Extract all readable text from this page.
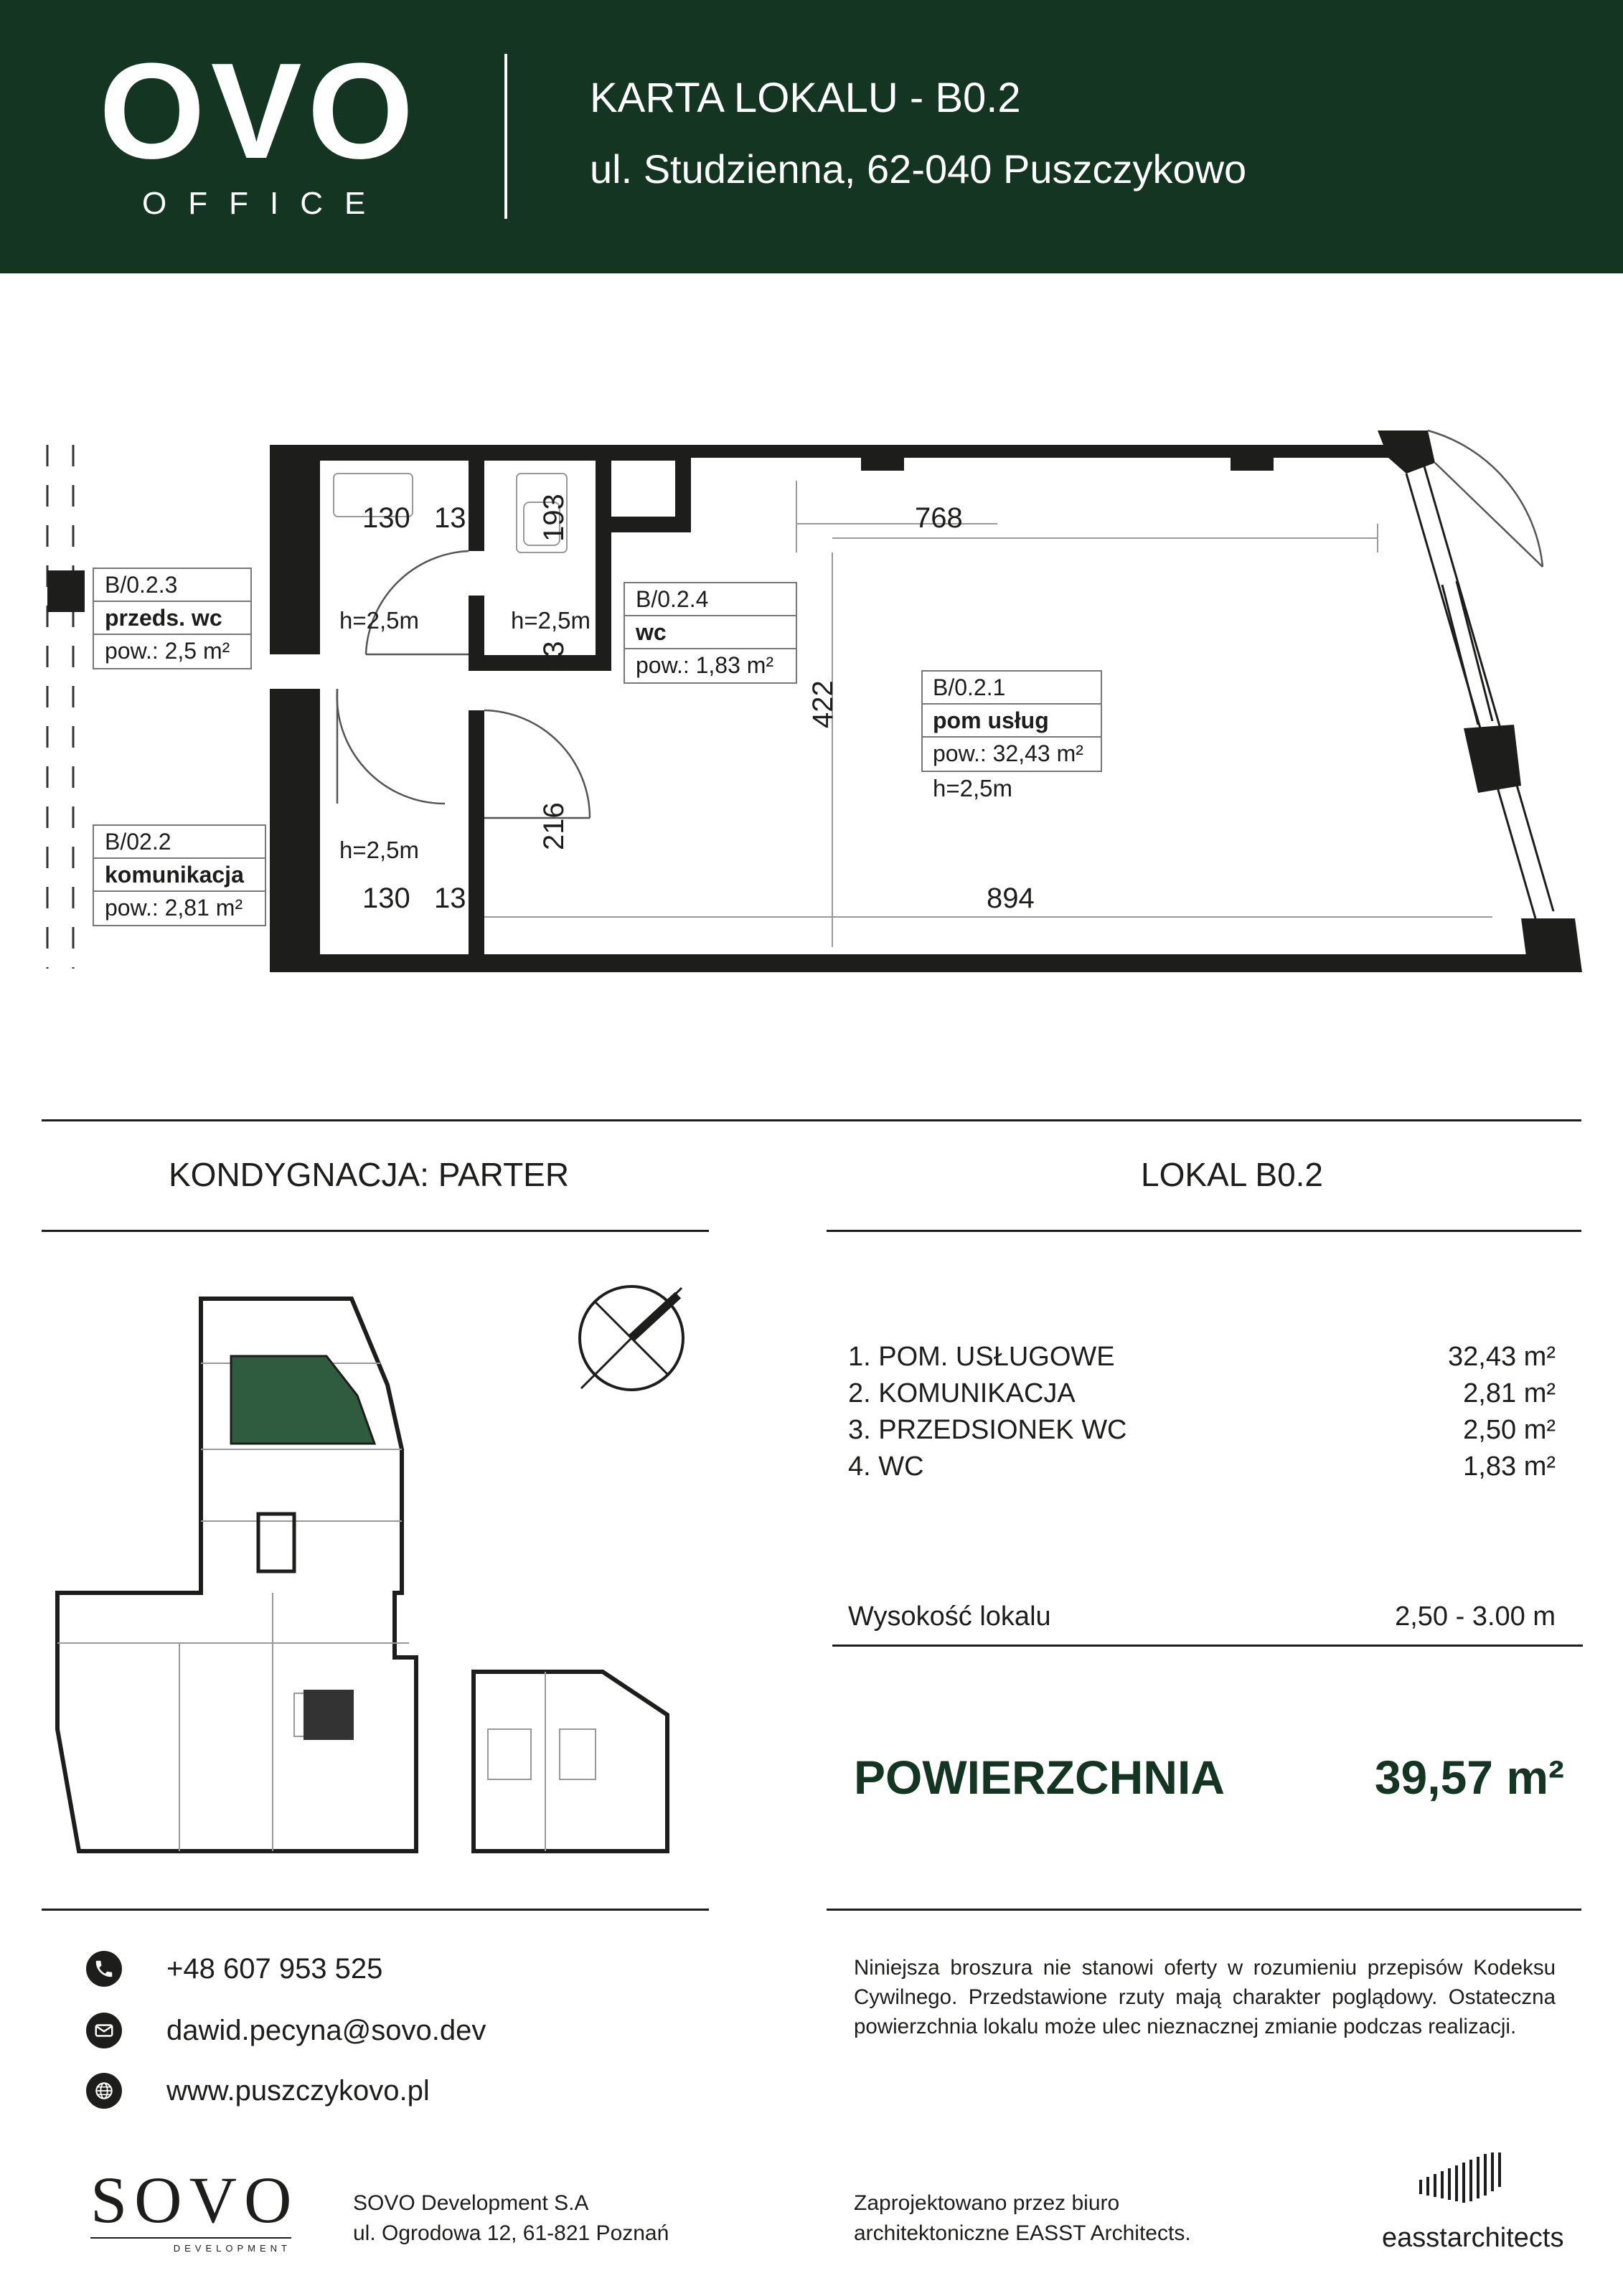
OVO
OFFICE
KARTA LOKALU - B0.2
ul. Studzienna, 62-040 Puszczykowo
130 13	193	768
13
422
216
130 13	894
h=2,5m	h=2,5m
h=2,5m
h=2,5m
B/0.2.3
przeds. wc
pow.: 2,5 m²
B/0.2.4
wc
pow.: 1,83 m²
B/0.2.1
pom usług
pow.: 32,43 m²
B/02.2
komunikacja
pow.: 2,81 m²
KONDYGNACJA: PARTER	LOKAL B0.2
1. POM. USŁUGOWE	32,43 m²
2. KOMUNIKACJA	2,81 m²
3. PRZEDSIONEK WC	2,50 m²
4. WC	1,83 m²
Wysokość lokalu	2,50 - 3.00 m
POWIERZCHNIA	39,57 m²
+48 607 953 525
dawid.pecyna@sovo.dev
www.puszczykovo.pl
Niniejsza broszura nie stanowi oferty w rozumieniu przepisów Kodeksu Cywilnego. Przedstawione rzuty mają charakter poglądowy. Ostateczna powierzchnia lokalu może ulec nieznacznej zmianie podczas realizacji.
SOVO
DEVELOPMENT
SOVO Development S.A
ul. Ogrodowa 12, 61-821 Poznań
Zaprojektowano przez biuro
architektoniczne EASST Architects.	easstarchitects
